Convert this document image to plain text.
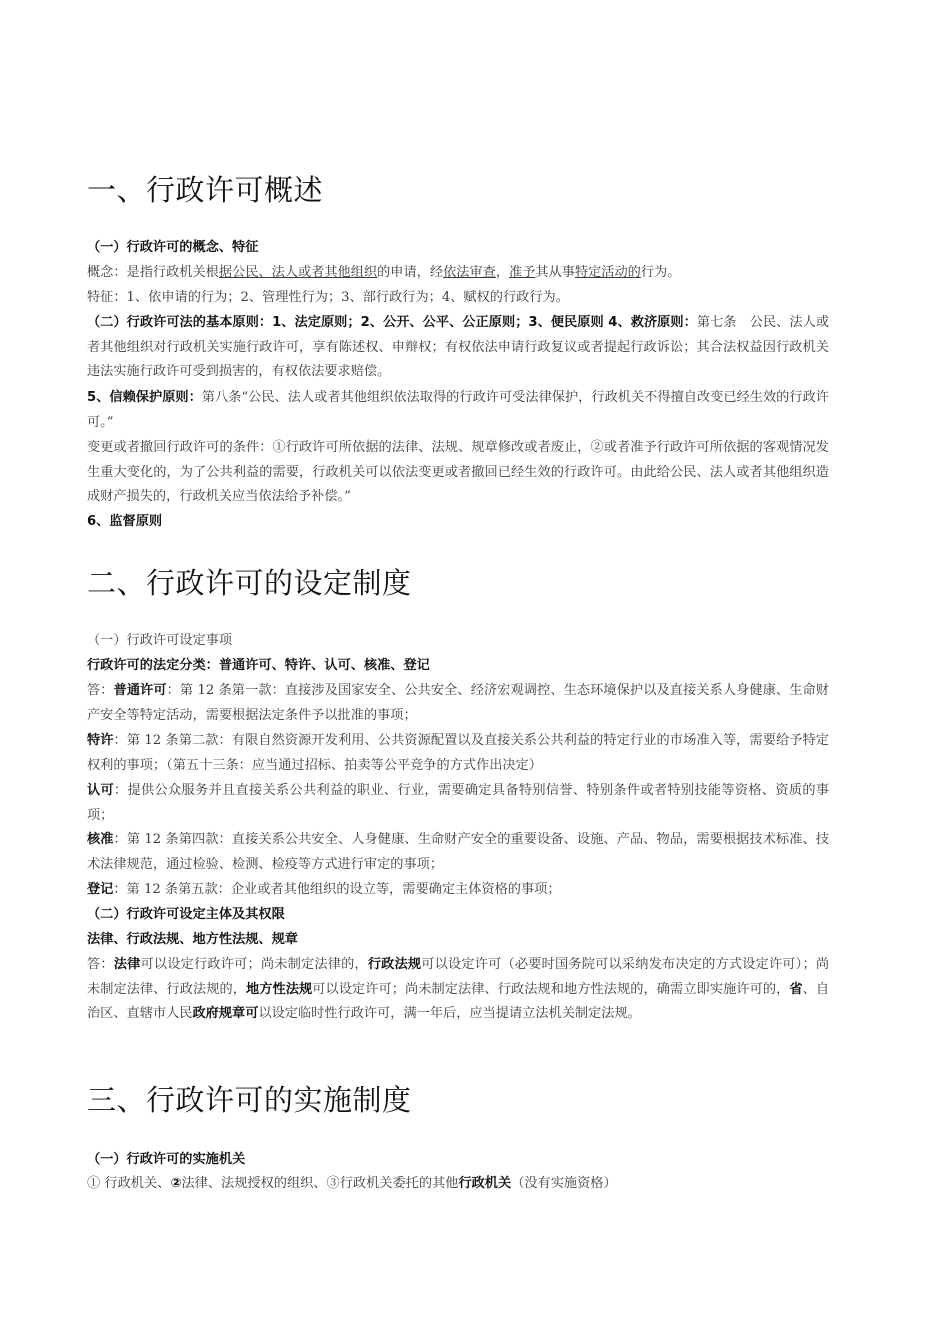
一、行政许可概述
（一）行政许可的概念、特征
概念：是指行政机关根据公民、法人或者其他组织的申请，经依法审查，准予其从事特定活动的行为。
特征：1、依申请的行为；2、管理性行为；3、部行政行为；4、赋权的行政行为。
（二）行政许可法的基本原则：1、法定原则；2、公开、公平、公正原则；3、便民原则 4、救济原则：第七条　公民、法人或者其他组织对行政机关实施行政许可，享有陈述权、申辩权；有权依法申请行政复议或者提起行政诉讼；其合法权益因行政机关违法实施行政许可受到损害的，有权依法要求赔偿。
5、信赖保护原则：第八条“公民、法人或者其他组织依法取得的行政许可受法律保护，行政机关不得擅自改变已经生效的行政许可。”
变更或者撤回行政许可的条件：①行政许可所依据的法律、法规、规章修改或者废止，②或者准予行政许可所依据的客观情况发生重大变化的，为了公共利益的需要，行政机关可以依法变更或者撤回已经生效的行政许可。由此给公民、法人或者其他组织造成财产损失的，行政机关应当依法给予补偿。”
6、监督原则
二、行政许可的设定制度
（一）行政许可设定事项
行政许可的法定分类：普通许可、特许、认可、核准、登记
答：普通许可：第 12 条第一款：直接涉及国家安全、公共安全、经济宏观调控、生态环境保护以及直接关系人身健康、生命财产安全等特定活动，需要根据法定条件予以批准的事项；
特许：第 12 条第二款：有限自然资源开发利用、公共资源配置以及直接关系公共利益的特定行业的市场准入等，需要给予特定权利的事项；（第五十三条：应当通过招标、拍卖等公平竞争的方式作出决定）
认可：提供公众服务并且直接关系公共利益的职业、行业，需要确定具备特别信誉、特别条件或者特别技能等资格、资质的事项；
核准：第 12 条第四款：直接关系公共安全、人身健康、生命财产安全的重要设备、设施、产品、物品，需要根据技术标准、技术法律规范，通过检验、检测、检疫等方式进行审定的事项；
登记：第 12 条第五款：企业或者其他组织的设立等，需要确定主体资格的事项；
（二）行政许可设定主体及其权限
法律、行政法规、地方性法规、规章
答：法律可以设定行政许可；尚未制定法律的，行政法规可以设定许可（必要时国务院可以采纳发布决定的方式设定许可）；尚未制定法律、行政法规的，地方性法规可以设定许可；尚未制定法律、行政法规和地方性法规的，确需立即实施许可的，省、自治区、直辖市人民政府规章可以设定临时性行政许可，满一年后，应当提请立法机关制定法规。
三、行政许可的实施制度
（一）行政许可的实施机关
① 行政机关、②法律、法规授权的组织、③行政机关委托的其他行政机关（没有实施资格）
